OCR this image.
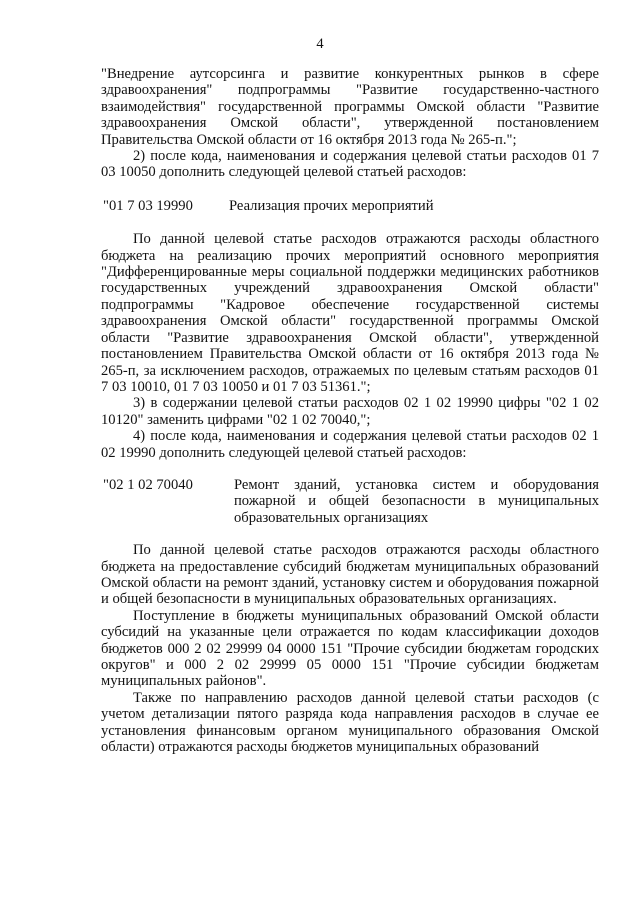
4

"Внедрение аутсорсинга и развитие конкурентных рынков в сфере здравоохранения" подпрограммы "Развитие государственно-частного взаимодействия" государственной программы Омской области "Развитие здравоохранения Омской области", утвержденной постановлением Правительства Омской области от 16 октября 2013 года № 265-п.";

2) после кода, наименования и содержания целевой статьи расходов 01 7 03 10050 дополнить следующей целевой статьей расходов:

"01 7 03 19990	Реализация прочих мероприятий

По данной целевой статье расходов отражаются расходы областного бюджета на реализацию прочих мероприятий основного мероприятия "Дифференцированные меры социальной поддержки медицинских работников государственных учреждений здравоохранения Омской области" подпрограммы "Кадровое обеспечение государственной системы здравоохранения Омской области" государственной программы Омской области "Развитие здравоохранения Омской области", утвержденной постановлением Правительства Омской области от 16 октября 2013 года № 265-п, за исключением расходов, отражаемых по целевым статьям расходов 01 7 03 10010, 01 7 03 10050 и 01 7 03 51361.";

3) в содержании целевой статьи расходов 02 1 02 19990 цифры "02 1 02 10120" заменить цифрами "02 1 02 70040,";

4) после кода, наименования и содержания целевой статьи расходов 02 1 02 19990 дополнить следующей целевой статьей расходов:

"02 1 02 70040	Ремонт зданий, установка систем и оборудования пожарной и общей безопасности в муниципальных образовательных организациях

По данной целевой статье расходов отражаются расходы областного бюджета на предоставление субсидий бюджетам муниципальных образований Омской области на ремонт зданий, установку систем и оборудования пожарной и общей безопасности в муниципальных образовательных организациях.

Поступление в бюджеты муниципальных образований Омской области субсидий на указанные цели отражается по кодам классификации доходов бюджетов 000 2 02 29999 04 0000 151 "Прочие субсидии бюджетам городских округов" и 000 2 02 29999 05 0000 151 "Прочие субсидии бюджетам муниципальных районов".

Также по направлению расходов данной целевой статьи расходов (с учетом детализации пятого разряда кода направления расходов в случае ее установления финансовым органом муниципального образования Омской области) отражаются расходы бюджетов муниципальных образований
